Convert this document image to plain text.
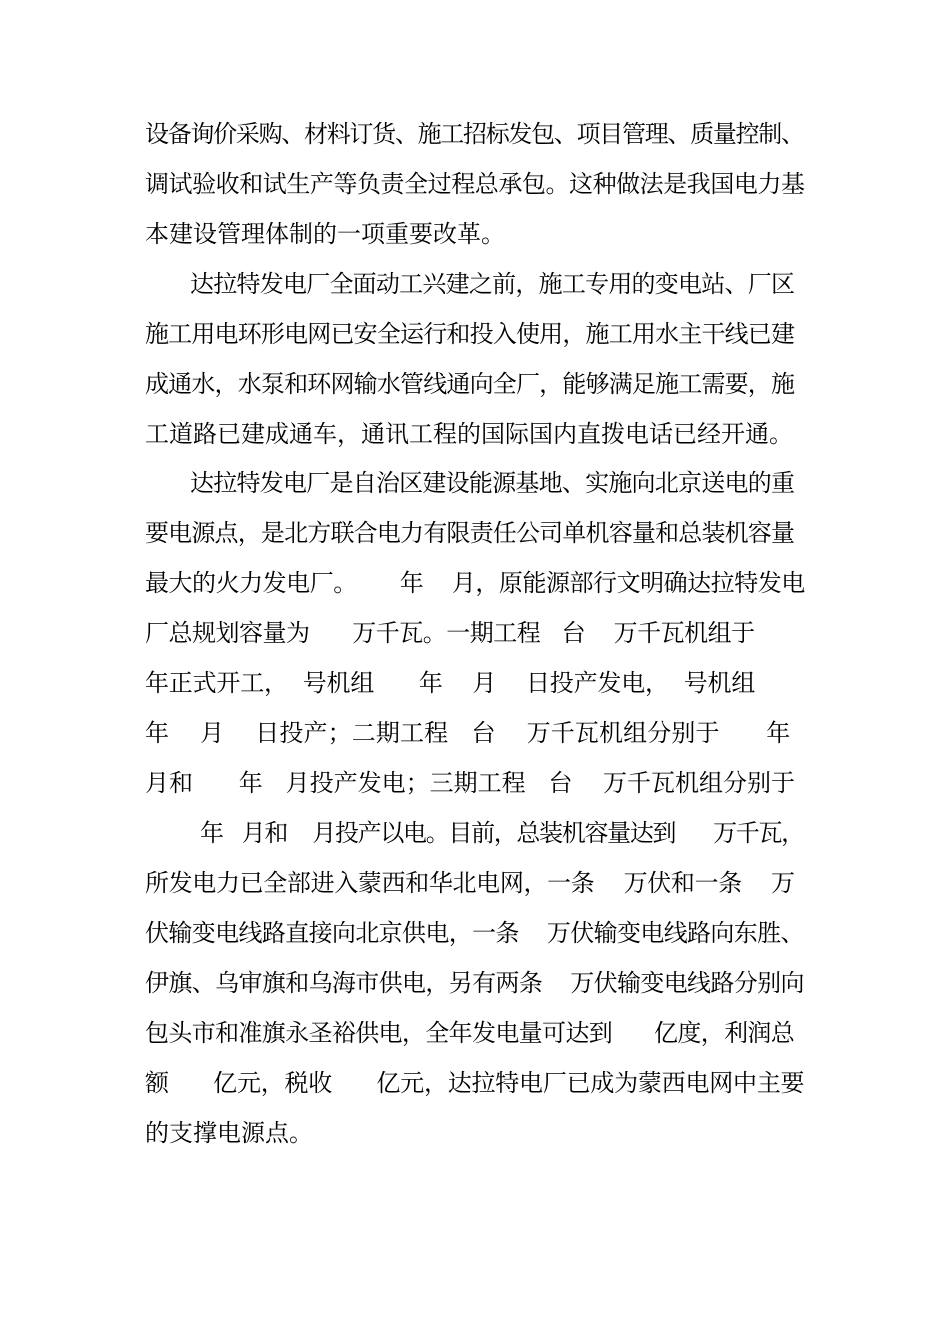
设备询价采购、材料订货、施工招标发包、项目管理、质量控制、
调试验收和试生产等负责全过程总承包。这种做法是我国电力基
本建设管理体制的一项重要改革。
达拉特发电厂全面动工兴建之前，施工专用的变电站、厂区
施工用电环形电网已安全运行和投入使用，施工用水主干线已建
成通水，水泵和环网输水管线通向全厂，能够满足施工需要，施
工道路已建成通车，通讯工程的国际国内直拨电话已经开通。
达拉特发电厂是自治区建设能源基地、实施向北京送电的重
要电源点，是北方联合电力有限责任公司单机容量和总装机容量
最大的火力发电厂。      年    月，原能源部行文明确达拉特发电
厂总规划容量为      万千瓦。一期工程   台    万千瓦机组于
年正式开工，  号机组      年    月    日投产发电，  号机组
年    月    日投产；二期工程   台    万千瓦机组分别于      年
月和      年   月投产发电；三期工程   台    万千瓦机组分别于
年   月和    月投产以电。目前，总装机容量达到      万千瓦，
所发电力已全部进入蒙西和华北电网，一条    万伏和一条    万
伏输变电线路直接向北京供电，一条    万伏输变电线路向东胜、
伊旗、乌审旗和乌海市供电，另有两条    万伏输变电线路分别向
包头市和准旗永圣裕供电，全年发电量可达到      亿度，利润总
额      亿元，税收      亿元，达拉特电厂已成为蒙西电网中主要
的支撑电源点。
